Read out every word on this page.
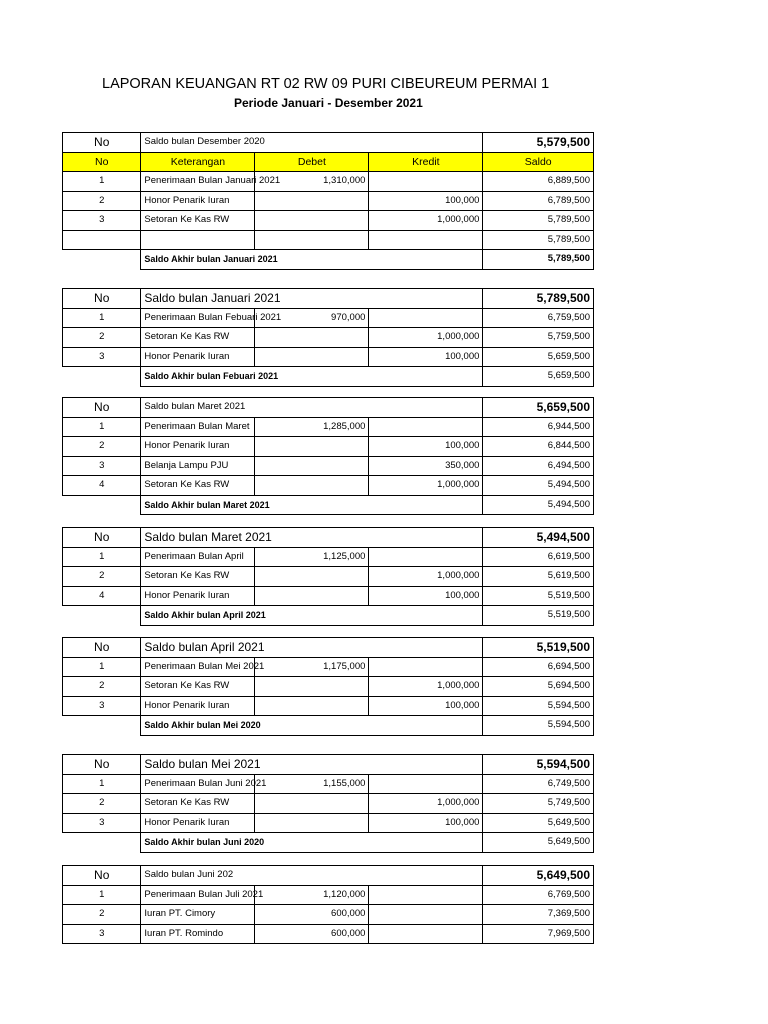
LAPORAN KEUANGAN RT 02 RW 09 PURI CIBEUREUM PERMAI 1
Periode Januari - Desember 2021
No	Saldo bulan Desember 2020			5,579,500
No	Keterangan	Debet	Kredit	Saldo
1	Penerimaan Bulan Januari 2021	1,310,000		6,889,500
2	Honor Penarik Iuran		100,000	6,789,500
3	Setoran Ke Kas RW		1,000,000	5,789,500
				5,789,500
	Saldo Akhir bulan Januari 2021			5,789,500
No	Saldo bulan Januari 2021			5,789,500
1	Penerimaan Bulan Febuari 2021	970,000		6,759,500
2	Setoran Ke Kas RW		1,000,000	5,759,500
3	Honor Penarik Iuran		100,000	5,659,500
	Saldo Akhir bulan Febuari 2021			5,659,500
No	Saldo bulan Maret 2021			5,659,500
1	Penerimaan Bulan Maret	1,285,000		6,944,500
2	Honor Penarik Iuran		100,000	6,844,500
3	Belanja Lampu PJU		350,000	6,494,500
4	Setoran Ke Kas RW		1,000,000	5,494,500
	Saldo Akhir bulan Maret 2021			5,494,500
No	Saldo bulan Maret 2021			5,494,500
1	Penerimaan Bulan April	1,125,000		6,619,500
2	Setoran Ke Kas RW		1,000,000	5,619,500
4	Honor Penarik Iuran		100,000	5,519,500
	Saldo Akhir bulan April 2021			5,519,500
No	Saldo bulan April 2021			5,519,500
1	Penerimaan Bulan Mei 2021	1,175,000		6,694,500
2	Setoran Ke Kas RW		1,000,000	5,694,500
3	Honor Penarik Iuran		100,000	5,594,500
	Saldo Akhir bulan Mei 2020			5,594,500
No	Saldo bulan Mei 2021			5,594,500
1	Penerimaan Bulan Juni 2021	1,155,000		6,749,500
2	Setoran Ke Kas RW		1,000,000	5,749,500
3	Honor Penarik Iuran		100,000	5,649,500
	Saldo Akhir bulan Juni 2020			5,649,500
No	Saldo bulan Juni 202			5,649,500
1	Penerimaan Bulan Juli 2021	1,120,000		6,769,500
2	Iuran PT. Cimory	600,000		7,369,500
3	Iuran PT. Romindo	600,000		7,969,500
